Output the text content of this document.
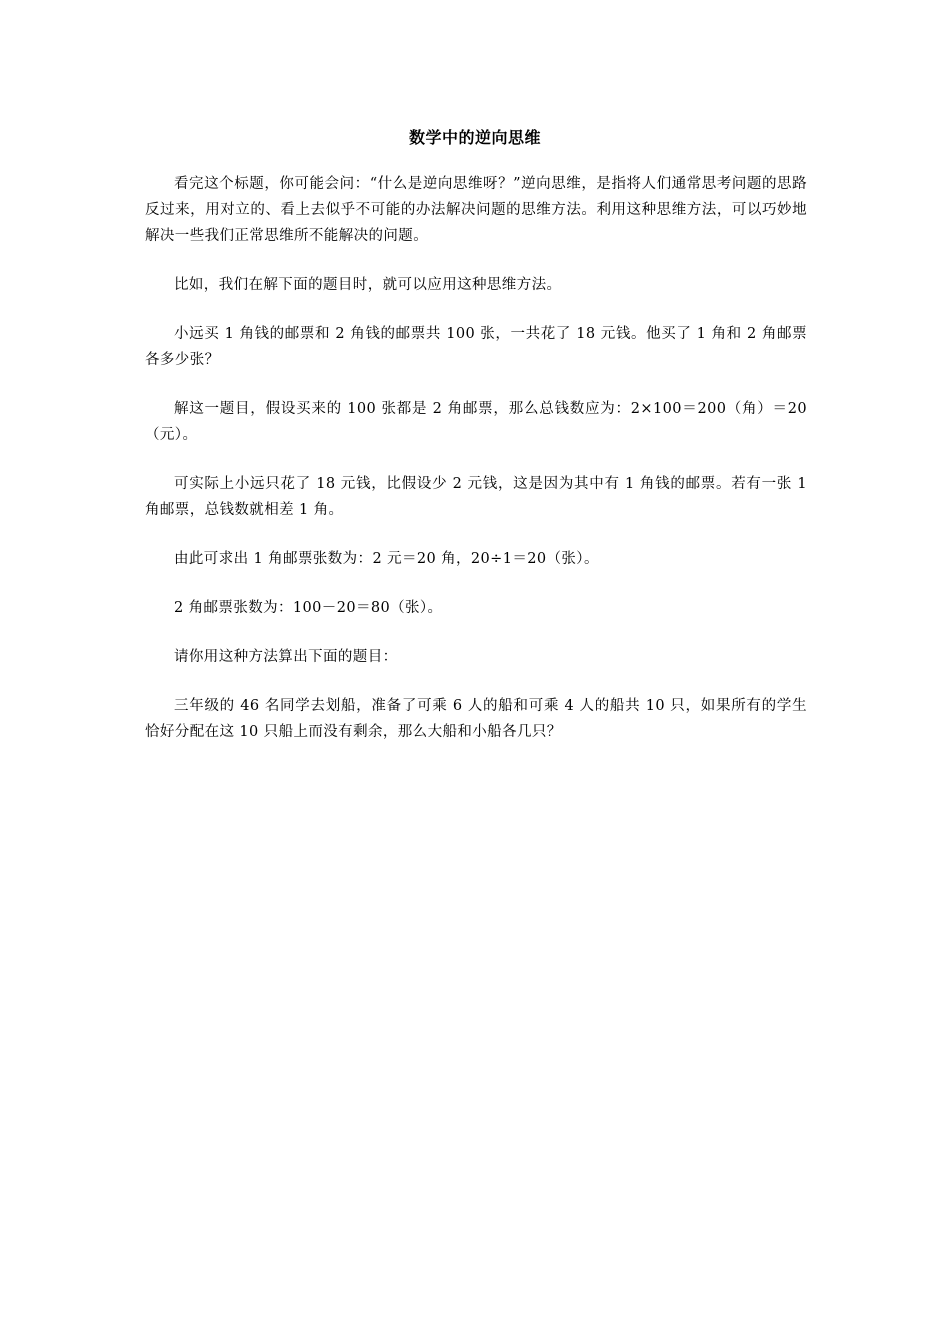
数学中的逆向思维

看完这个标题，你可能会问：“什么是逆向思维呀？”逆向思维，是指将人们通常思考问题的思路反过来，用对立的、看上去似乎不可能的办法解决问题的思维方法。利用这种思维方法，可以巧妙地解决一些我们正常思维所不能解决的问题。

比如，我们在解下面的题目时，就可以应用这种思维方法。

小远买 1 角钱的邮票和 2 角钱的邮票共 100 张，一共花了 18 元钱。他买了 1 角和 2 角邮票各多少张？

解这一题目，假设买来的 100 张都是 2 角邮票，那么总钱数应为：2×100＝200（角）＝20（元）。

可实际上小远只花了 18 元钱，比假设少 2 元钱，这是因为其中有 1 角钱的邮票。若有一张 1 角邮票，总钱数就相差 1 角。

由此可求出 1 角邮票张数为：2 元＝20 角，20÷1＝20（张）。

2 角邮票张数为：100－20＝80（张）。

请你用这种方法算出下面的题目：

三年级的 46 名同学去划船，准备了可乘 6 人的船和可乘 4 人的船共 10 只，如果所有的学生恰好分配在这 10 只船上而没有剩余，那么大船和小船各几只？
